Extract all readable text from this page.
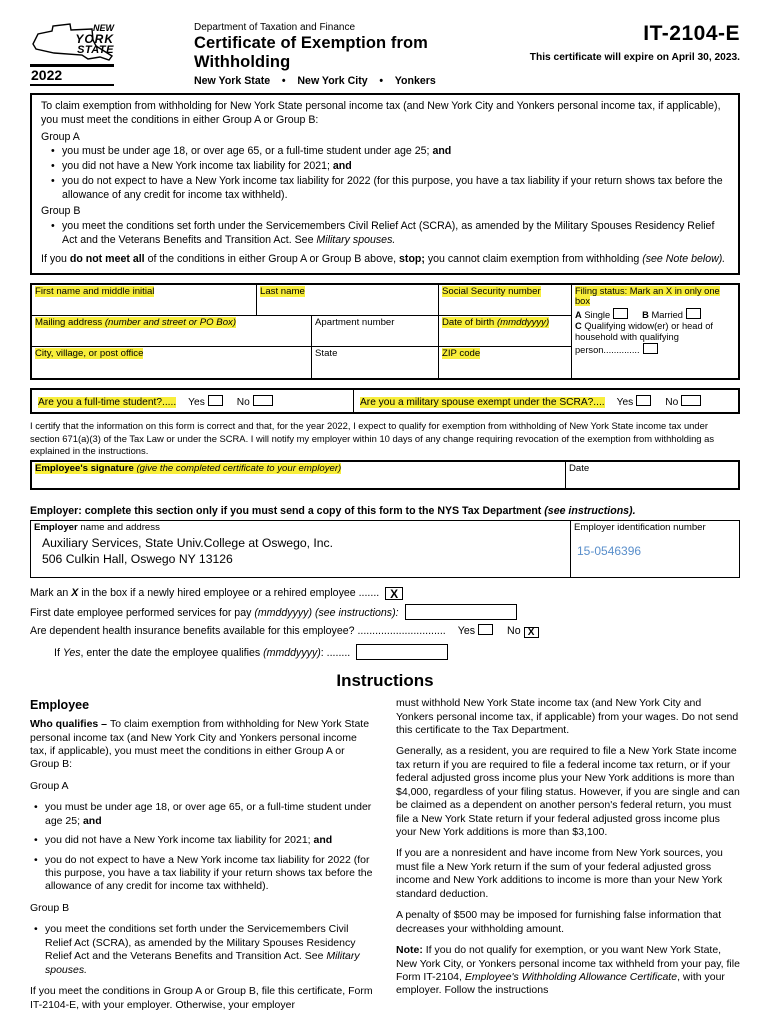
NEW
YORK
STATE
2022
Department of Taxation and Finance
Certificate of Exemption from Withholding
New York State    •    New York City    •    Yonkers
IT-2104-E
This certificate will expire on April 30, 2023.

To claim exemption from withholding for New York State personal income tax (and New York City and Yonkers personal income tax, if applicable), you must meet the conditions in either Group A or Group B:

Group A

• you must be under age 18, or over age 65, or a full-time student under age 25; and
• you did not have a New York income tax liability for 2021; and
• you do not expect to have a New York income tax liability for 2022 (for this purpose, you have a tax liability if your return shows tax before the allowance of any credit for income tax withheld).

Group B

• you meet the conditions set forth under the Servicemembers Civil Relief Act (SCRA), as amended by the Military Spouses Residency Relief Act and the Veterans Benefits and Transition Act. See Military spouses.

If you do not meet all of the conditions in either Group A or Group B above, stop; you cannot claim exemption from withholding (see Note below).

First name and middle initial	Last name	Social Security number	Filing status: Mark an X in only one box
A Single	B Married
C Qualifying widow(er) or head of household with qualifying person..............
Mailing address (number and street or PO Box)	Apartment number	Date of birth (mmddyyyy)
City, village, or post office	State	ZIP code
Are you a full-time student?..... Yes	No	Are you a military spouse exempt under the SCRA?.... Yes	No

I certify that the information on this form is correct and that, for the year 2022, I expect to qualify for exemption from withholding of New York State income tax under section 671(a)(3) of the Tax Law or under the SCRA. I will notify my employer within 10 days of any change requiring revocation of the exemption from withholding as explained in the instructions.

Employee's signature (give the completed certificate to your employer)	Date

Employer: complete this section only if you must send a copy of this form to the NYS Tax Department (see instructions).

Employer name and address
Auxiliary Services, State Univ.College at Oswego, Inc.
506 Culkin Hall, Oswego NY 13126
Employer identification number
15-0546396

Mark an X in the box if a newly hired employee or a rehired employee ....... X

First date employee performed services for pay (mmddyyyy) (see instructions):

Are dependent health insurance benefits available for this employee? .............................. Yes	No X

If Yes, enter the date the employee qualifies (mmddyyyy): ........

Instructions
Employee

Who qualifies – To claim exemption from withholding for New York State personal income tax (and New York City and Yonkers personal income tax, if applicable), you must meet the conditions in either Group A or Group B:

Group A

• you must be under age 18, or over age 65, or a full-time student under age 25; and
• you did not have a New York income tax liability for 2021; and
• you do not expect to have a New York income tax liability for 2022 (for this purpose, you have a tax liability if your return shows tax before the allowance of any credit for income tax withheld).

Group B

• you meet the conditions set forth under the Servicemembers Civil Relief Act (SCRA), as amended by the Military Spouses Residency Relief Act and the Veterans Benefits and Transition Act. See Military spouses.

If you meet the conditions in Group A or Group B, file this certificate, Form IT-2104-E, with your employer. Otherwise, your employer

must withhold New York State income tax (and New York City and Yonkers personal income tax, if applicable) from your wages. Do not send this certificate to the Tax Department.

Generally, as a resident, you are required to file a New York State income tax return if you are required to file a federal income tax return, or if your federal adjusted gross income plus your New York additions is more than $4,000, regardless of your filing status. However, if you are single and can be claimed as a dependent on another person's federal return, you must file a New York State return if your federal adjusted gross income plus your New York additions is more than $3,100.

If you are a nonresident and have income from New York sources, you must file a New York return if the sum of your federal adjusted gross income and New York additions to income is more than your New York standard deduction.

A penalty of $500 may be imposed for furnishing false information that decreases your withholding amount.

Note: If you do not qualify for exemption, or you want New York State, New York City, or Yonkers personal income tax withheld from your pay, file Form IT-2104, Employee's Withholding Allowance Certificate, with your employer. Follow the instructions
